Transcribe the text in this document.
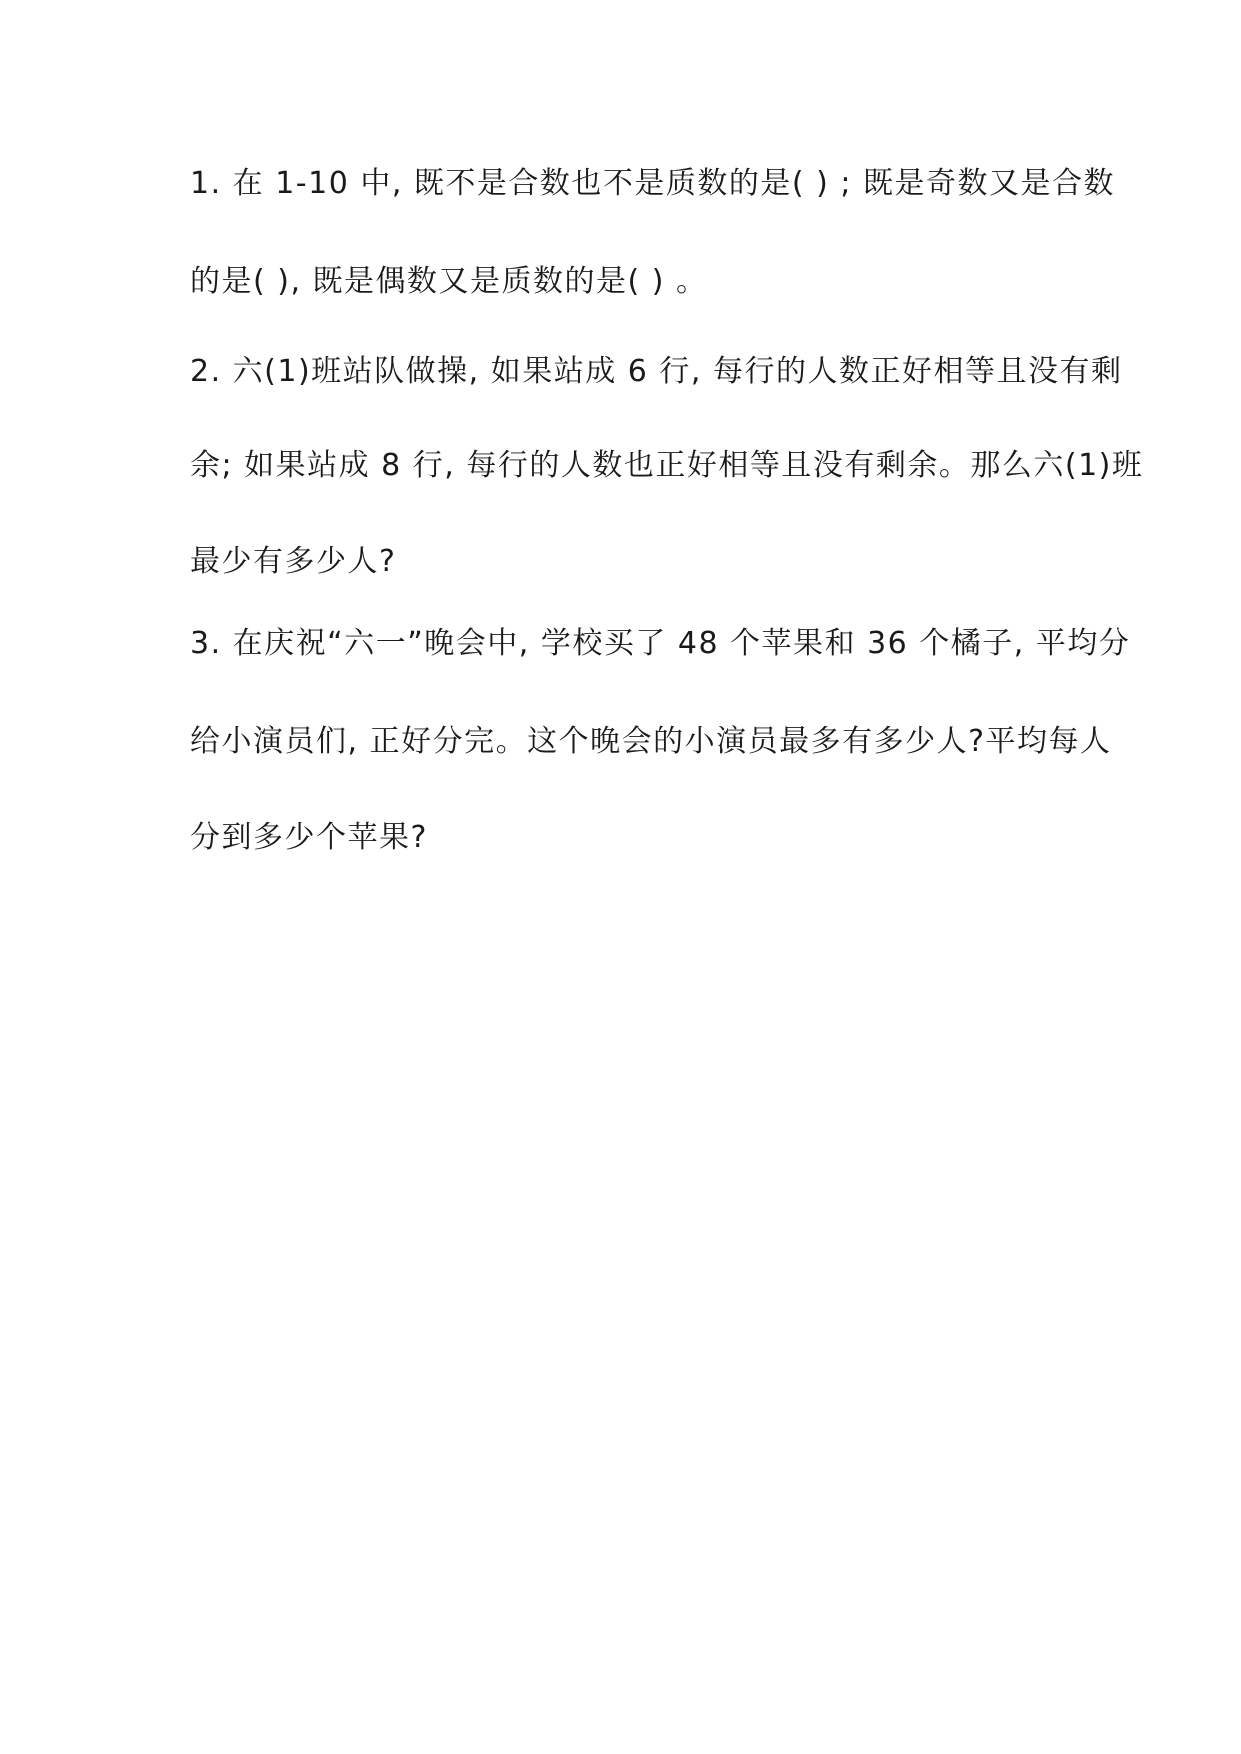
1. 在 1-10 中, 既不是合数也不是质数的是( ) ; 既是奇数又是合数
的是( ), 既是偶数又是质数的是( ) 。
2. 六(1)班站队做操, 如果站成 6 行, 每行的人数正好相等且没有剩
余; 如果站成 8 行, 每行的人数也正好相等且没有剩余。那么六(1)班
最少有多少人?
3. 在庆祝“六一”晚会中, 学校买了 48 个苹果和 36 个橘子, 平均分
给小演员们, 正好分完。这个晚会的小演员最多有多少人?平均每人
分到多少个苹果?
